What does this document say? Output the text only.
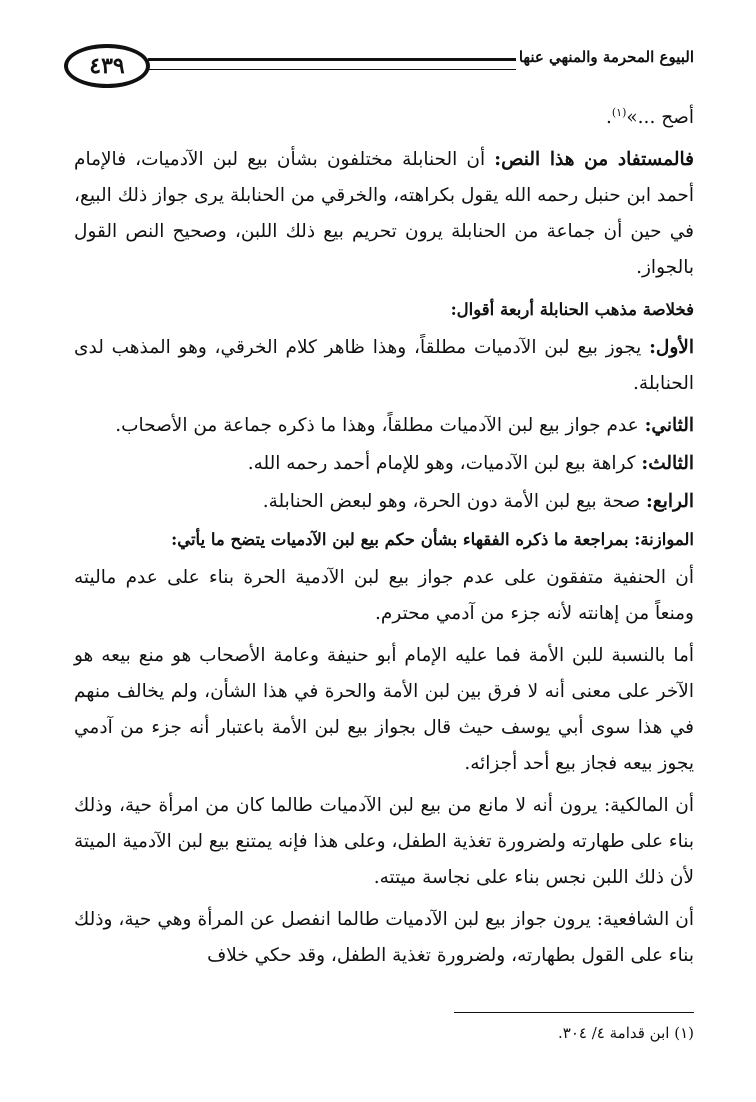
البيوع المحرمة والمنهي عنها
٤٣٩

أصح ...»$^{(١)}$.

فالمستفاد من هذا النص: أن الحنابلة مختلفون بشأن بيع لبن الآدميات، فالإمام أحمد ابن حنبل رحمه الله يقول بكراهته، والخرقي من الحنابلة يرى جواز ذلك البيع، في حين أن جماعة من الحنابلة يرون تحريم بيع ذلك اللبن، وصحيح النص القول بالجواز.

فخلاصة مذهب الحنابلة أربعة أقوال:

الأول: يجوز بيع لبن الآدميات مطلقاً، وهذا ظاهر كلام الخرقي، وهو المذهب لدى الحنابلة.

الثاني: عدم جواز بيع لبن الآدميات مطلقاً، وهذا ما ذكره جماعة من الأصحاب.

الثالث: كراهة بيع لبن الآدميات، وهو للإمام أحمد رحمه الله.

الرابع: صحة بيع لبن الأمة دون الحرة، وهو لبعض الحنابلة.

الموازنة: بمراجعة ما ذكره الفقهاء بشأن حكم بيع لبن الآدميات يتضح ما يأتي:

أن الحنفية متفقون على عدم جواز بيع لبن الآدمية الحرة بناء على عدم ماليته ومنعاً من إهانته لأنه جزء من آدمي محترم.

أما بالنسبة للبن الأمة فما عليه الإمام أبو حنيفة وعامة الأصحاب هو منع بيعه هو الآخر على معنى أنه لا فرق بين لبن الأمة والحرة في هذا الشأن، ولم يخالف منهم في هذا سوى أبي يوسف حيث قال بجواز بيع لبن الأمة باعتبار أنه جزء من آدمي يجوز بيعه فجاز بيع أحد أجزائه.

أن المالكية: يرون أنه لا مانع من بيع لبن الآدميات طالما كان من امرأة حية، وذلك بناء على طهارته ولضرورة تغذية الطفل، وعلى هذا فإنه يمتنع بيع لبن الآدمية الميتة لأن ذلك اللبن نجس بناء على نجاسة ميتته.

أن الشافعية: يرون جواز بيع لبن الآدميات طالما انفصل عن المرأة وهي حية، وذلك بناء على القول بطهارته، ولضرورة تغذية الطفل، وقد حكي خلاف

(١) ابن قدامة ٤/ ٣٠٤.
